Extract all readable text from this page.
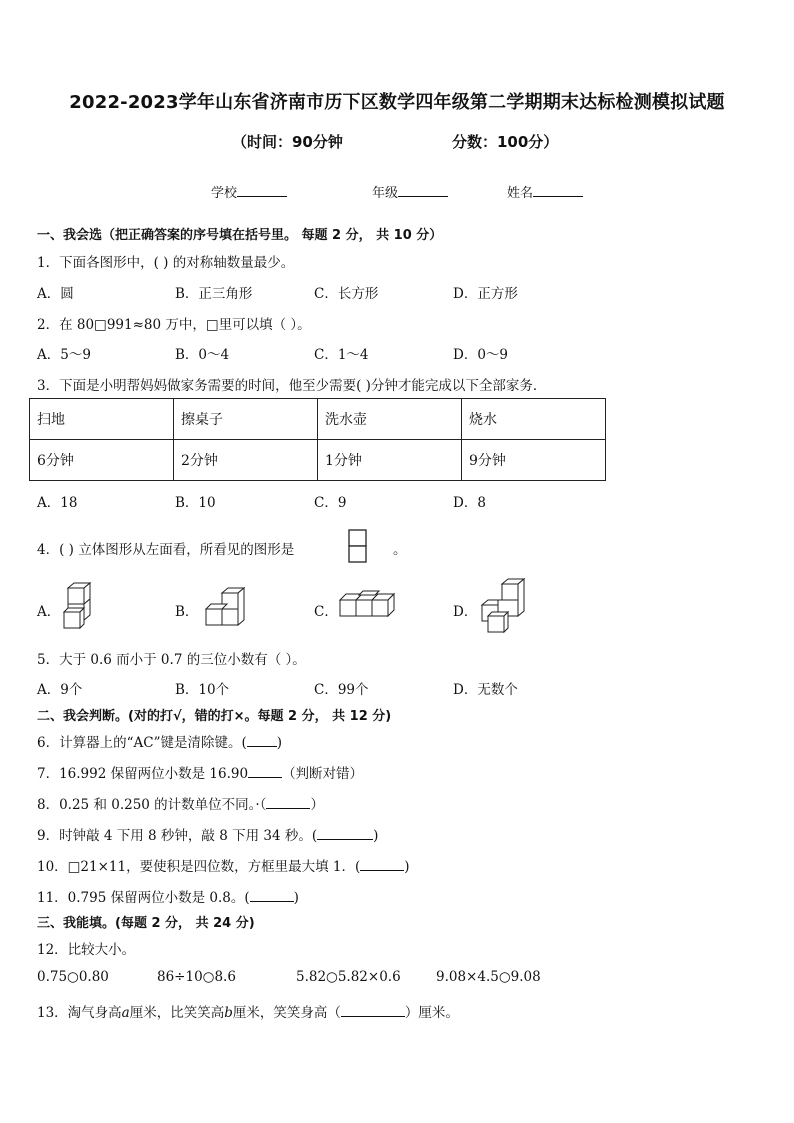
2022-2023学年山东省济南市历下区数学四年级第二学期期末达标检测模拟试题
（时间：90分钟	分数：100分）
学校	年级	姓名
一、我会选（把正确答案的序号填在括号里。 每题 2 分， 共 10 分）
1．下面各图形中，( ) 的对称轴数量最少。
A．圆	B．正三角形	C．长方形	D．正方形
2．在 80□991≈80 万中，□里可以填（ ）。
A．5～9	B．0～4	C．1～4	D．0～9
3．下面是小明帮妈妈做家务需要的时间，他至少需要( )分钟才能完成以下全部家务．
扫地	擦桌子	洗水壶	烧水
6分钟	2分钟	1分钟	9分钟
A．18	B．10	C．9	D．8
4．( ) 立体图形从左面看，所看见的图形是	。
A．	B．	C．	D．
5．大于 0.6 而小于 0.7 的三位小数有（ ）。
A．9个	B．10个	C．99个	D．无数个
二、我会判断。(对的打√，错的打×。每题 2 分， 共 12 分)
6．计算器上的“AC”键是清除键。( )
7．16.992 保留两位小数是 16.90	（判断对错）
8．0.25 和 0.250 的计数单位不同。·（	）
9．时钟敲 4 下用 8 秒钟，敲 8 下用 34 秒。(	)
10．□21×11，要使积是四位数，方框里最大填 1．(	)
11．0.795 保留两位小数是 0.8。(	)
三、我能填。(每题 2 分， 共 24 分)
12．比较大小。
0.75○0.80	86÷10○8.6	5.82○5.82×0.6	9.08×4.5○9.08
13．淘气身高𝑎厘米，比笑笑高𝑏厘米，笑笑身高（	）厘米。
